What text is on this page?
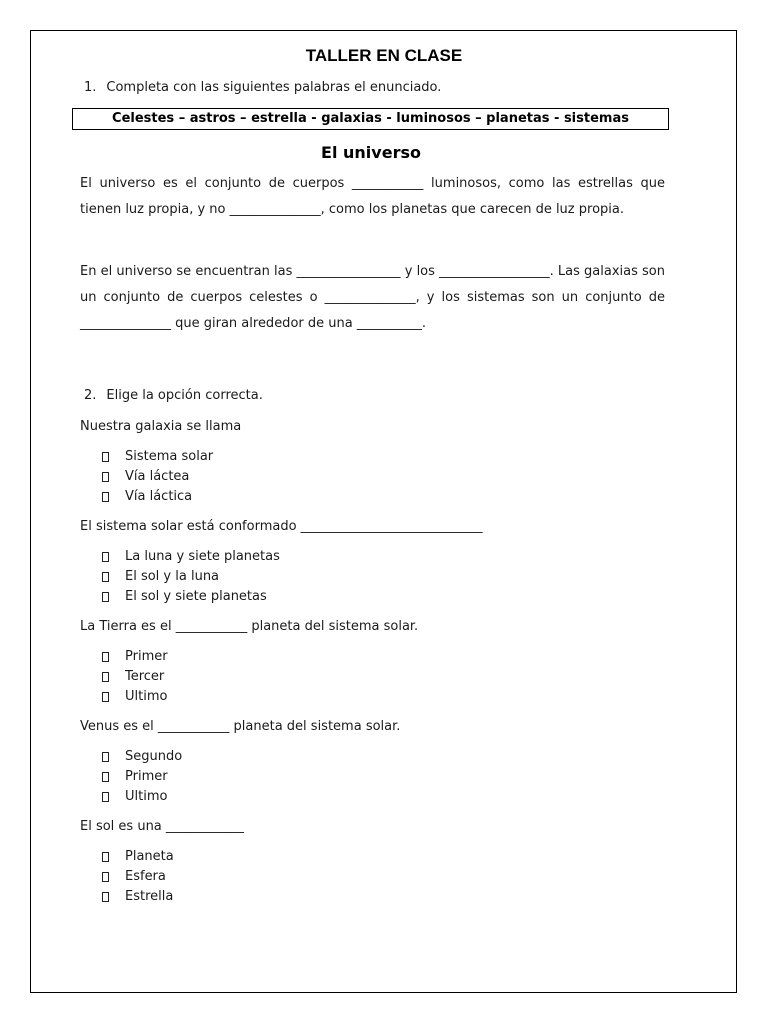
TALLER EN CLASE
1. Completa con las siguientes palabras el enunciado.
Celestes – astros – estrella - galaxias - luminosos – planetas - sistemas
El universo

El universo es el conjunto de cuerpos ___________ luminosos, como las estrellas que tienen luz propia, y no ______________, como los planetas que carecen de luz propia.

En el universo se encuentran las ________________ y los _________________. Las galaxias son un conjunto de cuerpos celestes o ______________, y los sistemas son un conjunto de ______________ que giran alrededor de una __________.

2. Elige la opción correcta.
Nuestra galaxia se llama
Sistema solar
Vía láctea
Vía láctica
El sistema solar está conformado ____________________________
La luna y siete planetas
El sol y la luna
El sol y siete planetas
La Tierra es el ___________ planeta del sistema solar.
Primer
Tercer
Ultimo
Venus es el ___________ planeta del sistema solar.
Segundo
Primer
Ultimo
El sol es una ____________
Planeta
Esfera
Estrella
